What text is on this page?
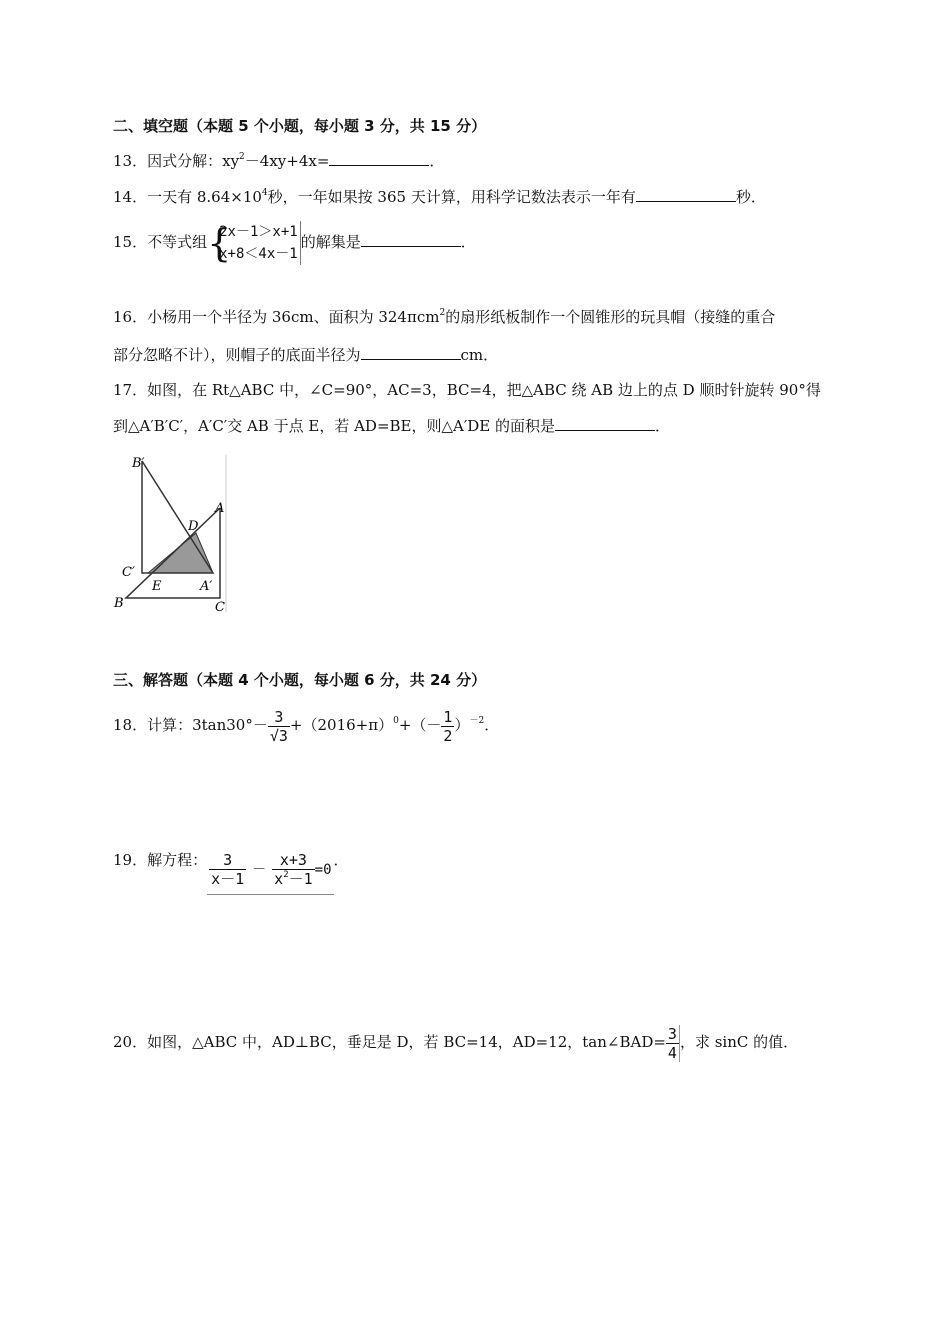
二、填空题（本题 5 个小题，每小题 3 分，共 15 分）
13．因式分解：$xy^2-4xy+4x=$	．
14．一天有 $8.64\times 10^4$秒，一年如果按 365 天计算，用科学记数法表示一年有	秒．
15．不等式组 {
2x－1＞x+1
x+8＜4x－1
的解集是	．
16．小杨用一个半径为 36cm、面积为 324πcm$^2$的扇形纸板制作一个圆锥形的玩具帽（接缝的重合
部分忽略不计），则帽子的底面半径为	cm．
17．如图，在 Rt△ABC 中，∠C=90°，AC=3，BC=4，把△ABC 绕 AB 边上的点 D 顺时针旋转 90°得
到△A′B′C′，A′C′交 AB 于点 E，若 AD=BE，则△A′DE 的面积是	．
B′
A
D
C′
E	A′
B	C
三、解答题（本题 4 个小题，每小题 6 分，共 24 分）
18．计算：$3\tan 30^\circ- \frac{3}{√3} +(2016+\pi)^0+(- \frac{1}{2} )^{-2}$．
19．解方程： $\frac{3}{x-1} - \frac{x+3}{x^2-1} =0$
．
20．如图，△ABC 中，AD⊥BC，垂足是 D，若 BC=14，AD=12，tan∠BAD= $\frac{3}{4}$ ，求 sinC 的值．
